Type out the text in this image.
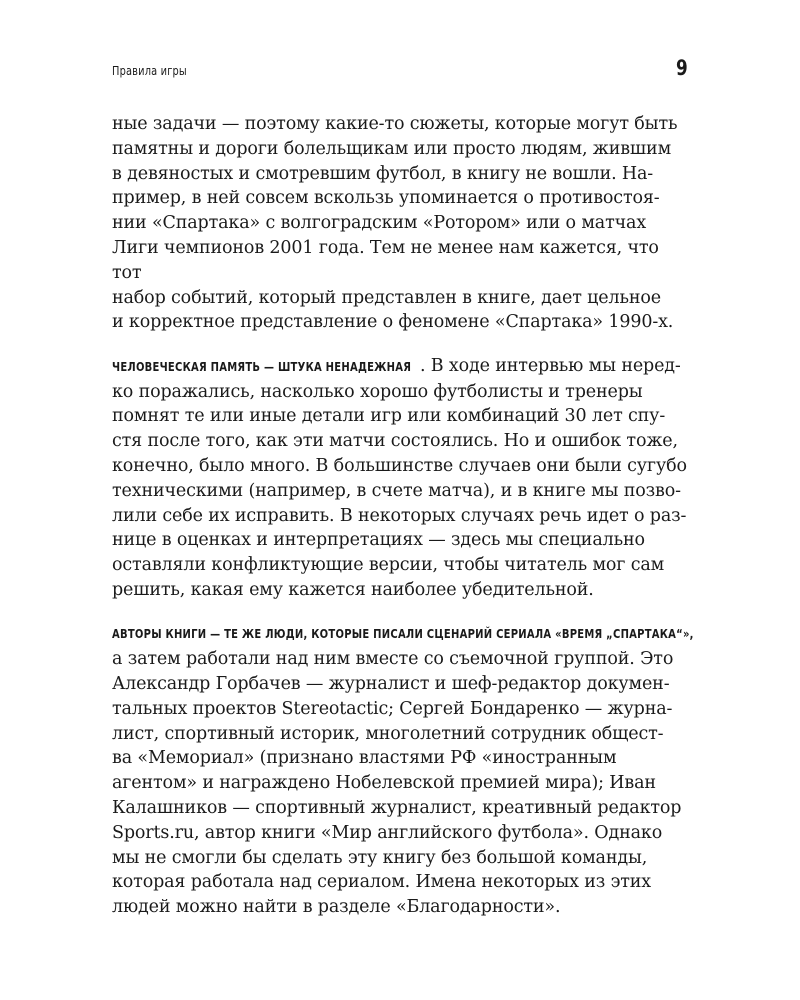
Правила игры	9
ные задачи — поэтому какие-то сюжеты, которые могут быть
памятны и дороги болельщикам или просто людям, жившим
в девяностых и смотревшим футбол, в книгу не вошли. На-
пример, в ней совсем вскользь упоминается о противостоя-
нии «Спартака» с волгоградским «Ротором» или о матчах
Лиги чемпионов 2001 года. Тем не менее нам кажется, что тот
набор событий, который представлен в книге, дает цельное
и корректное представление о феномене «Спартака» 1990-х.
ЧЕЛОВЕЧЕСКАЯ ПАМЯТЬ — ШТУКА НЕНАДЕЖНАЯ . В ходе интервью мы неред-
ко поражались, насколько хорошо футболисты и тренеры
помнят те или иные детали игр или комбинаций 30 лет спу-
стя после того, как эти матчи состоялись. Но и ошибок тоже,
конечно, было много. В большинстве случаев они были сугубо
техническими (например, в счете матча), и в книге мы позво-
лили себе их исправить. В некоторых случаях речь идет о раз-
нице в оценках и интерпретациях — здесь мы специально
оставляли конфликтующие версии, чтобы читатель мог сам
решить, какая ему кажется наиболее убедительной.
АВТОРЫ КНИГИ — ТЕ ЖЕ ЛЮДИ, КОТОРЫЕ ПИСАЛИ СЦЕНАРИЙ СЕРИАЛА «ВРЕМЯ „СПАРТАКА“»,
а затем работали над ним вместе со съемочной группой. Это
Александр Горбачев — журналист и шеф-редактор докумен-
тальных проектов Stereotactic; Сергей Бондаренко — журна-
лист, спортивный историк, многолетний сотрудник общест-
ва «Мемориал» (признано властями РФ «иностранным
агентом» и награждено Нобелевской премией мира); Иван
Калашников — спортивный журналист, креативный редактор
Sports.ru, автор книги «Мир английского футбола». Однако
мы не смогли бы сделать эту книгу без большой команды,
которая работала над сериалом. Имена некоторых из этих
людей можно найти в разделе «Благодарности».
